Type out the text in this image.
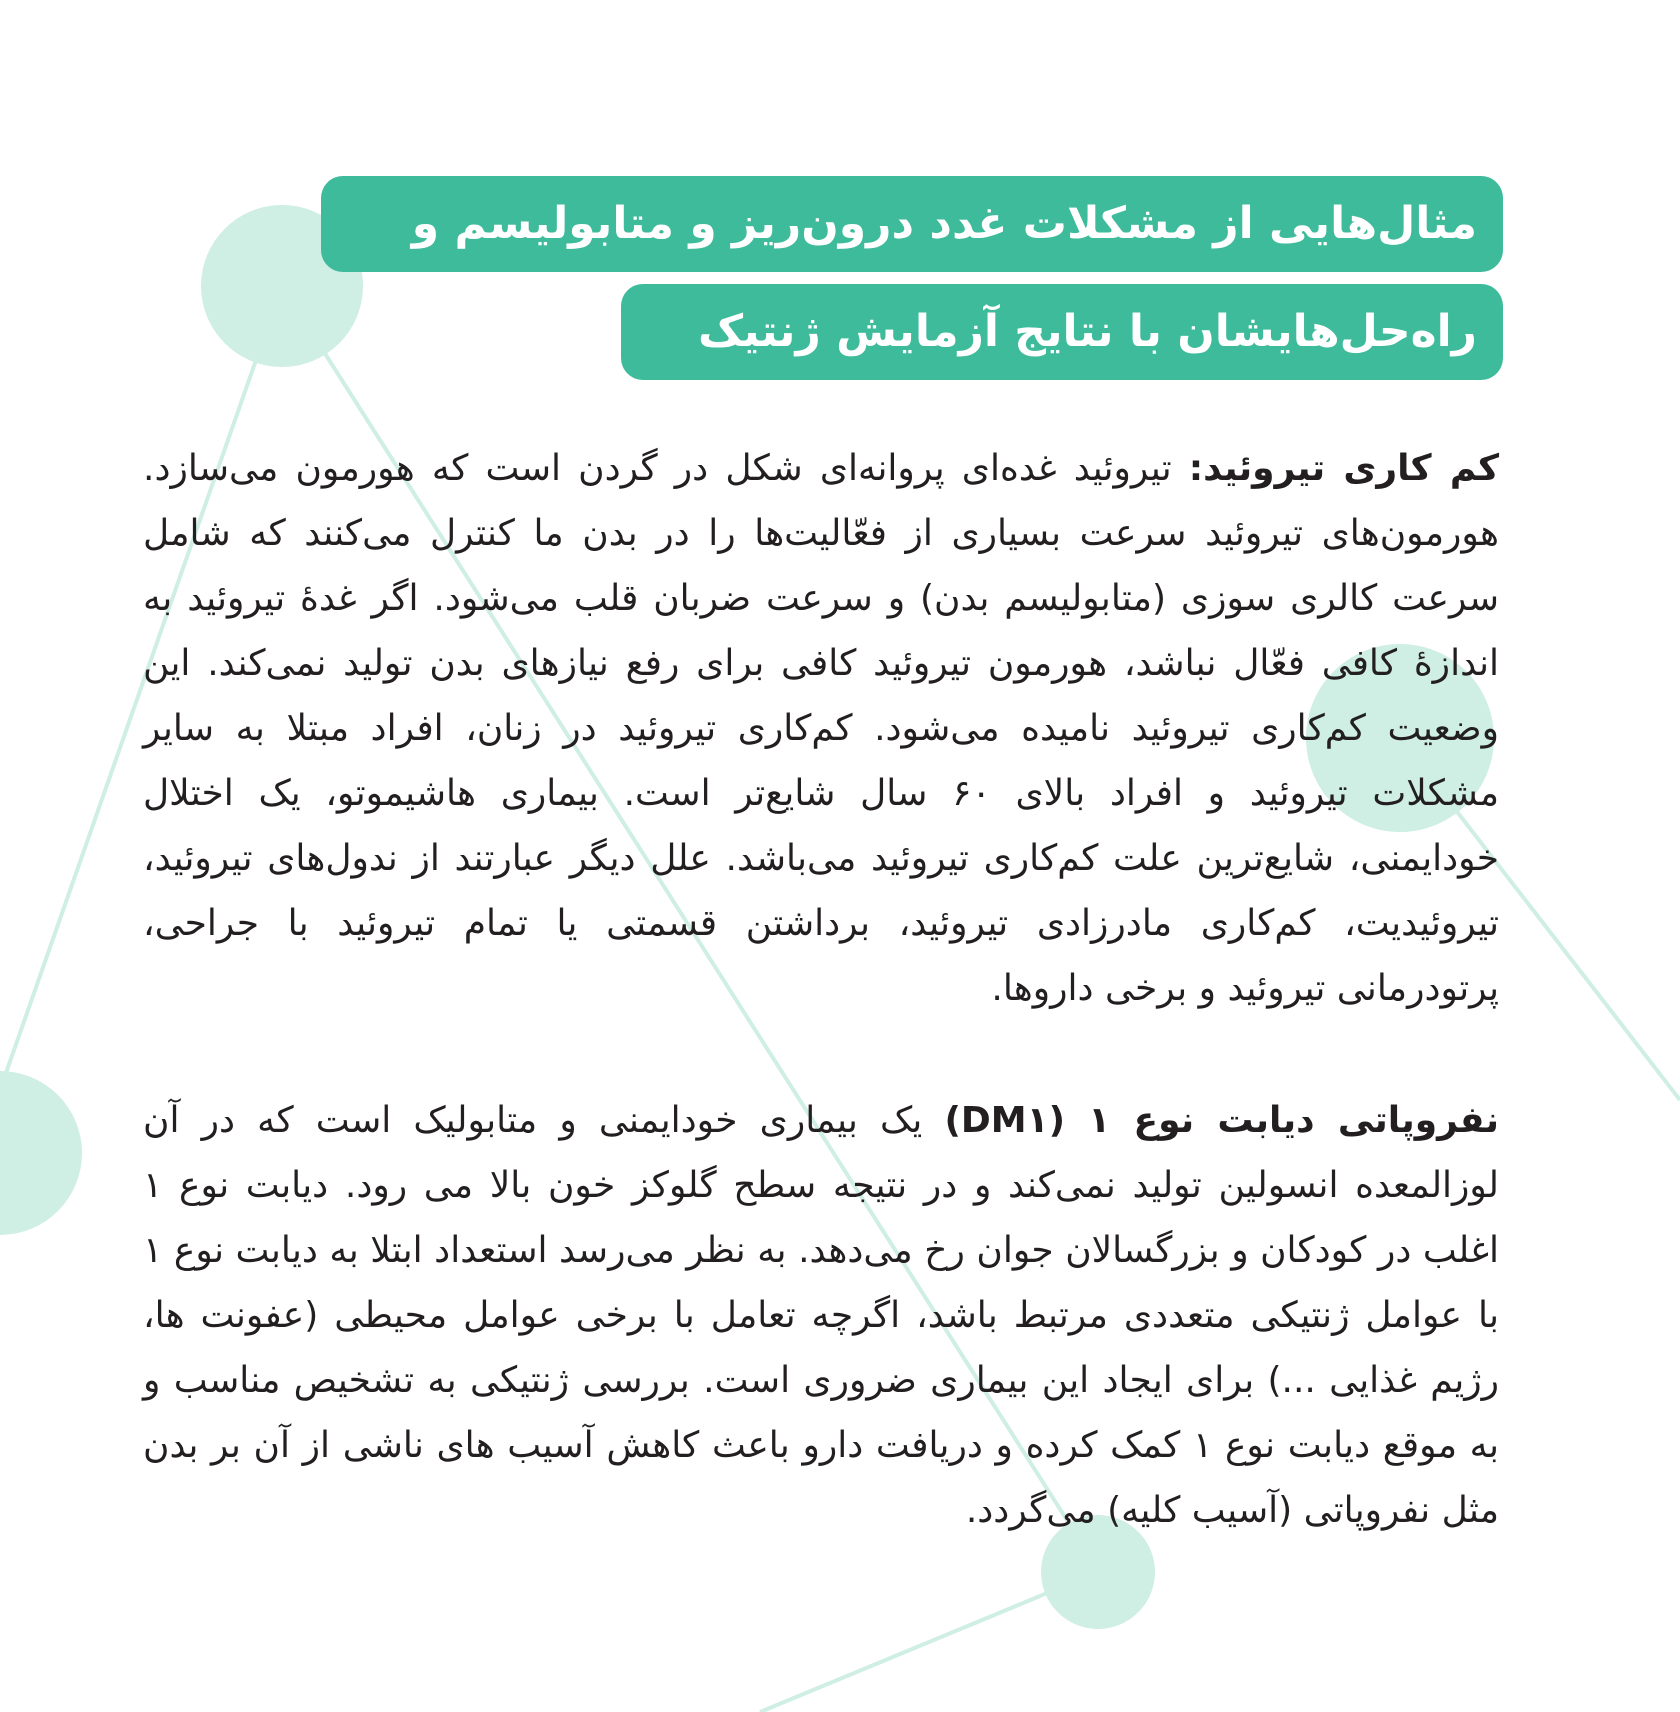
مثال‌هایی از مشکلات غدد درون‌ریز و متابولیسم و
راه‌حل‌هایشان با نتایج آزمایش ژنتیک

کم کاری تیروئید: تیروئید غده‌ای پروانه‌ای شکل در گردن است که هورمون می‌سازد. هورمون‌های تیروئید سرعت بسیاری از فعّالیت‌ها را در بدن ما کنترل می‌کنند که شامل سرعت کالری سوزی (متابولیسم بدن) و سرعت ضربان قلب می‌شود. اگر غدهٔ تیروئید به اندازهٔ کافی فعّال نباشد، هورمون تیروئید کافی برای رفع نیازهای بدن تولید نمی‌کند. این وضعیت کم‌کاری تیروئید نامیده می‌شود. کم‌کاری تیروئید در زنان، افراد مبتلا به سایر مشکلات تیروئید و افراد بالای ۶۰ سال شایع‌تر است. بیماری هاشیموتو، یک اختلال خودایمنی، شایع‌ترین علت کم‌کاری تیروئید می‌باشد. علل دیگر عبارتند از ندول‌های تیروئید، تیروئیدیت، کم‌کاری مادرزادی تیروئید، برداشتن قسمتی یا تمام تیروئید با جراحی، پرتودرمانی تیروئید و برخی داروها.

نفروپاتی دیابت نوع ۱ (DM۱) یک بیماری خودایمنی و متابولیک است که در آن لوزالمعده انسولین تولید نمی‌کند و در نتیجه سطح گلوکز خون بالا می رود. دیابت نوع ۱ اغلب در کودکان و بزرگسالان جوان رخ می‌دهد. به نظر می‌رسد استعداد ابتلا به دیابت نوع ۱ با عوامل ژنتیکی متعددی مرتبط باشد، اگرچه تعامل با برخی عوامل محیطی (عفونت ها، رژیم غذایی ...) برای ایجاد این بیماری ضروری است. بررسی ژنتیکی به تشخیص مناسب و به موقع دیابت نوع ۱ کمک کرده و دریافت دارو باعث کاهش آسیب های ناشی از آن بر بدن مثل نفروپاتی (آسیب کلیه) می‌گردد.
